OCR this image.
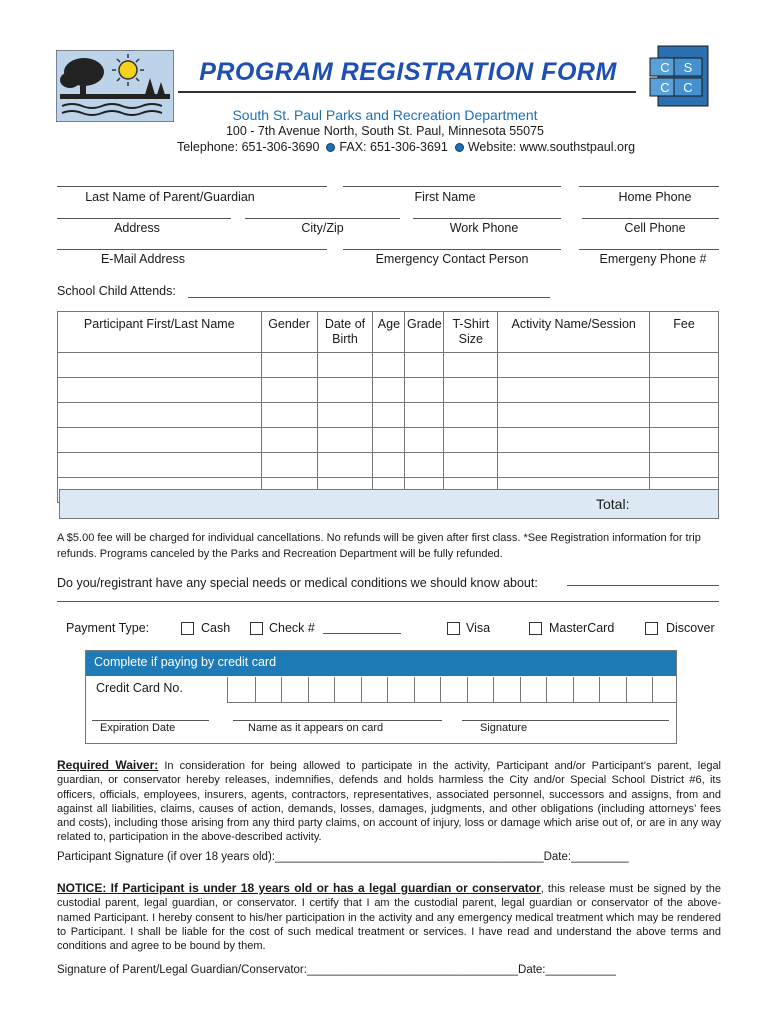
PROGRAM REGISTRATION FORM	C S
C C
South St. Paul Parks and Recreation Department
100 - 7th Avenue North, South St. Paul, Minnesota 55075
Telephone: 651-306-3690 FAX: 651-306-3691 Website: www.southstpaul.org
Last Name of Parent/Guardian	First Name	Home Phone
Address	City/Zip	Work Phone	Cell Phone
E-Mail Address	Emergency Contact Person	Emergeny Phone #
School Child Attends:
Participant First/Last Name	Gender	Date of Birth	Age	Grade	T-Shirt Size	Activity Name/Session	Fee

Total:
A $5.00 fee will be charged for individual cancellations. No refunds will be given after first class. *See Registration information for trip refunds. Programs canceled by the Parks and Recreation Department will be fully refunded.
Do you/registrant have any special needs or medical conditions we should know about:
Payment Type:	Cash	Check #	Visa	MasterCard	Discover
Complete if paying by credit card
Credit Card No.
Expiration Date	Name as it appears on card	Signature
Required Waiver: In consideration for being allowed to participate in the activity, Participant and/or Participant’s parent, legal guardian, or conservator hereby releases, indemnifies, defends and holds harmless the City and/or Special School District #6, its officers, officials, employees, insurers, agents, contractors, representatives, associated personnel, successors and assigns, from and against all liabilities, claims, causes of action, demands, losses, damages, judgments, and other obligations (including attorneys’ fees and costs), including those arising from any third party claims, on account of injury, loss or damage which arise out of, or are in any way related to, participation in the above-described activity.
Participant Signature (if over 18 years old):__________________________________________Date:_________
NOTICE: If Participant is under 18 years old or has a legal guardian or conservator, this release must be signed by the custodial parent, legal guardian, or conservator. I certify that I am the custodial parent, legal guardian or conservator of the above-named Participant. I hereby consent to his/her participation in the activity and any emergency medical treatment which may be rendered to Participant. I shall be liable for the cost of such medical treatment or services. I have read and understand the above terms and conditions and agree to be bound by them.
Signature of Parent/Legal Guardian/Conservator:_________________________________Date:___________
